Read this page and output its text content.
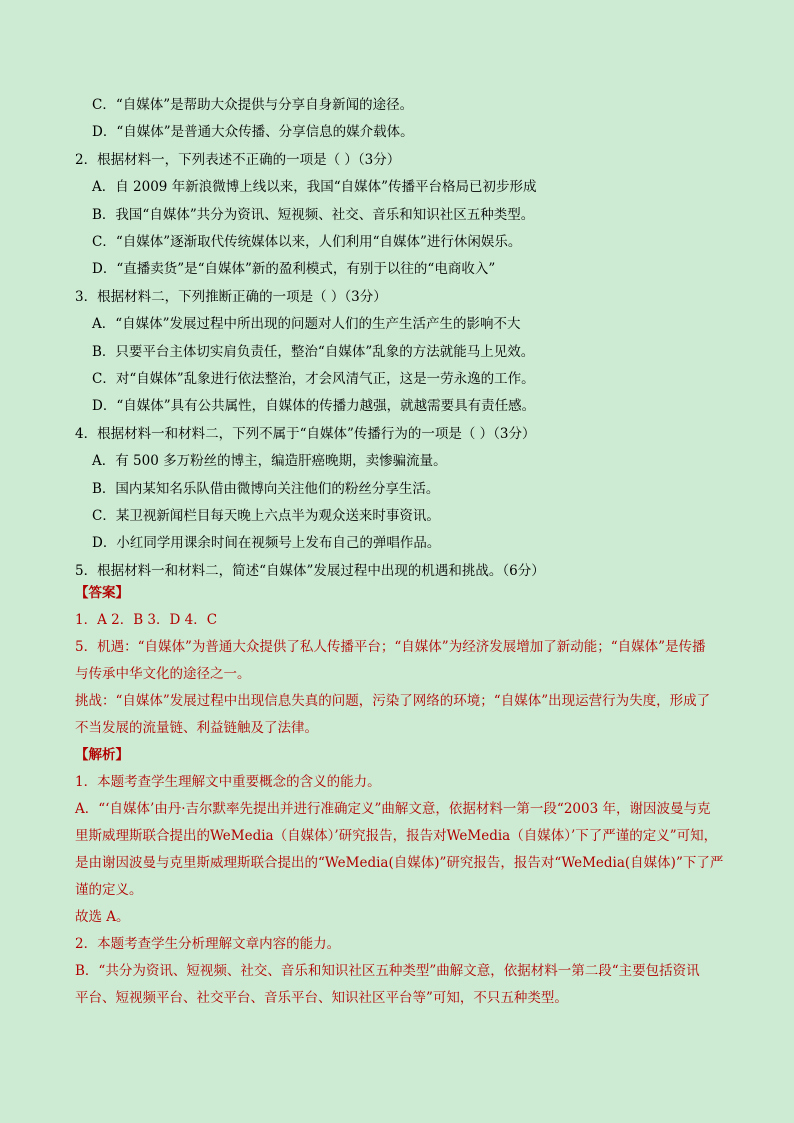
C．“自媒体”是帮助大众提供与分享自身新闻的途径。
D．“自媒体”是普通大众传播、分享信息的媒介载体。
2．根据材料一，下列表述不正确的一项是（ ）（3分）
A．自 2009 年新浪微博上线以来，我国“自媒体”传播平台格局已初步形成
B．我国“自媒体”共分为资讯、短视频、社交、音乐和知识社区五种类型。
C．“自媒体”逐渐取代传统媒体以来，人们利用“自媒体”进行休闲娱乐。
D．“直播卖货”是“自媒体”新的盈利模式，有别于以往的“电商收入”
3．根据材料二，下列推断正确的一项是（ ）（3分）
A．“自媒体”发展过程中所出现的问题对人们的生产生活产生的影响不大
B．只要平台主体切实肩负责任，整治“自媒体”乱象的方法就能马上见效。
C．对“自媒体”乱象进行依法整治，才会风清气正，这是一劳永逸的工作。
D．“自媒体”具有公共属性，自媒体的传播力越强，就越需要具有责任感。
4．根据材料一和材料二，下列不属于“自媒体”传播行为的一项是（ ）（3分）
A．有 500 多万粉丝的博主，编造肝癌晚期，卖惨骗流量。
B．国内某知名乐队借由微博向关注他们的粉丝分享生活。
C．某卫视新闻栏目每天晚上六点半为观众送来时事资讯。
D．小红同学用课余时间在视频号上发布自己的弹唱作品。
5．根据材料一和材料二，简述“自媒体”发展过程中出现的机遇和挑战。（6分）
【答案】
1．A 2．B 3．D 4．C
5．机遇：“自媒体”为普通大众提供了私人传播平台；“自媒体”为经济发展增加了新动能；“自媒体”是传播
与传承中华文化的途径之一。
挑战：“自媒体”发展过程中出现信息失真的问题，污染了网络的环境；“自媒体”出现运营行为失度，形成了
不当发展的流量链、利益链触及了法律。
【解析】
1．本题考查学生理解文中重要概念的含义的能力。
A．“‘自媒体’由丹·吉尔默率先提出并进行准确定义”曲解文意，依据材料一第一段“2003 年，谢因波曼与克
里斯威理斯联合提出的WeMedia（自媒体）’研究报告，报告对WeMedia（自媒体）’下了严谨的定义”可知，
是由谢因波曼与克里斯威理斯联合提出的“WeMedia(自媒体)”研究报告，报告对“WeMedia(自媒体)”下了严
谨的定义。
故选 A。
2．本题考查学生分析理解文章内容的能力。
B．“共分为资讯、短视频、社交、音乐和知识社区五种类型”曲解文意，依据材料一第二段“主要包括资讯
平台、短视频平台、社交平台、音乐平台、知识社区平台等”可知，不只五种类型。
